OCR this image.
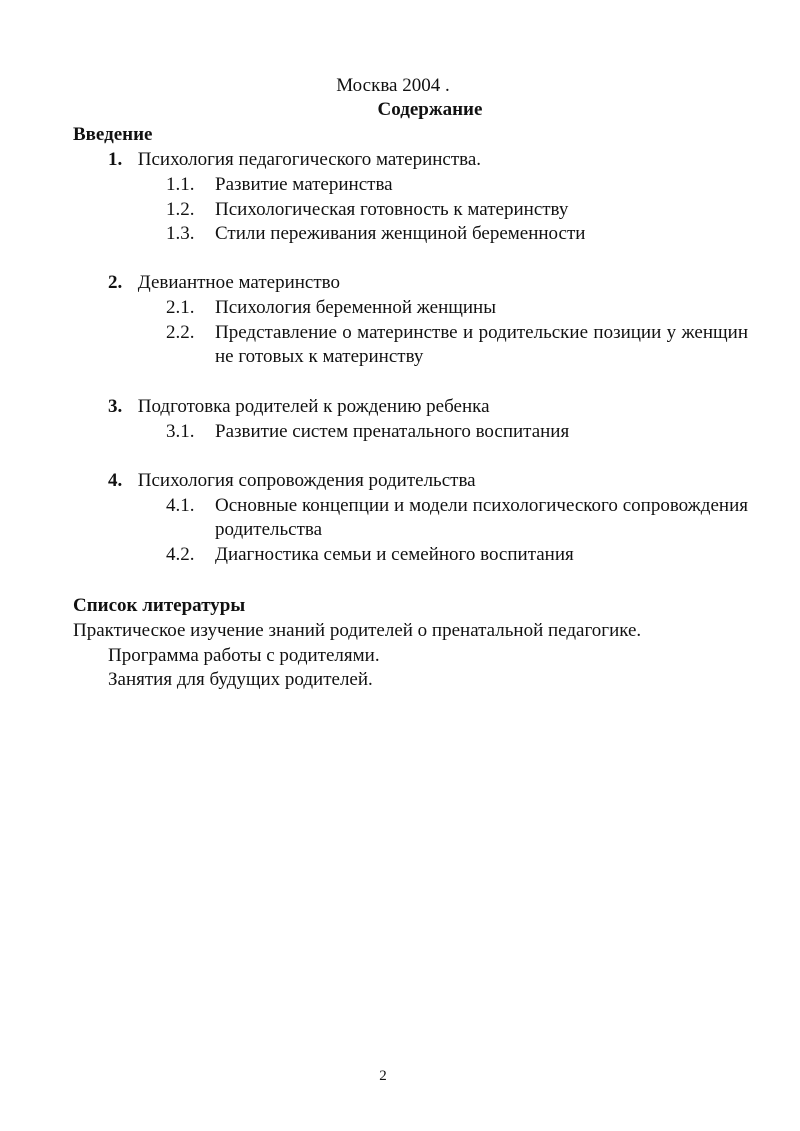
Москва 2004 .
Содержание
Введение
1. Психология педагогического материнства.
1.1. Развитие материнства
1.2. Психологическая готовность к материнству
1.3. Стили переживания женщиной беременности
2. Девиантное материнство
2.1. Психология беременной женщины
2.2. Представление о материнстве и родительские позиции у женщин не готовых к материнству
3. Подготовка родителей к рождению ребенка
3.1. Развитие систем пренатального воспитания
4. Психология сопровождения родительства
4.1. Основные концепции и модели психологического сопровождения родительства
4.2. Диагностика семьи и семейного воспитания
Список литературы
Практическое изучение знаний родителей о пренатальной педагогике.
Программа работы с родителями.
Занятия для будущих родителей.
2
